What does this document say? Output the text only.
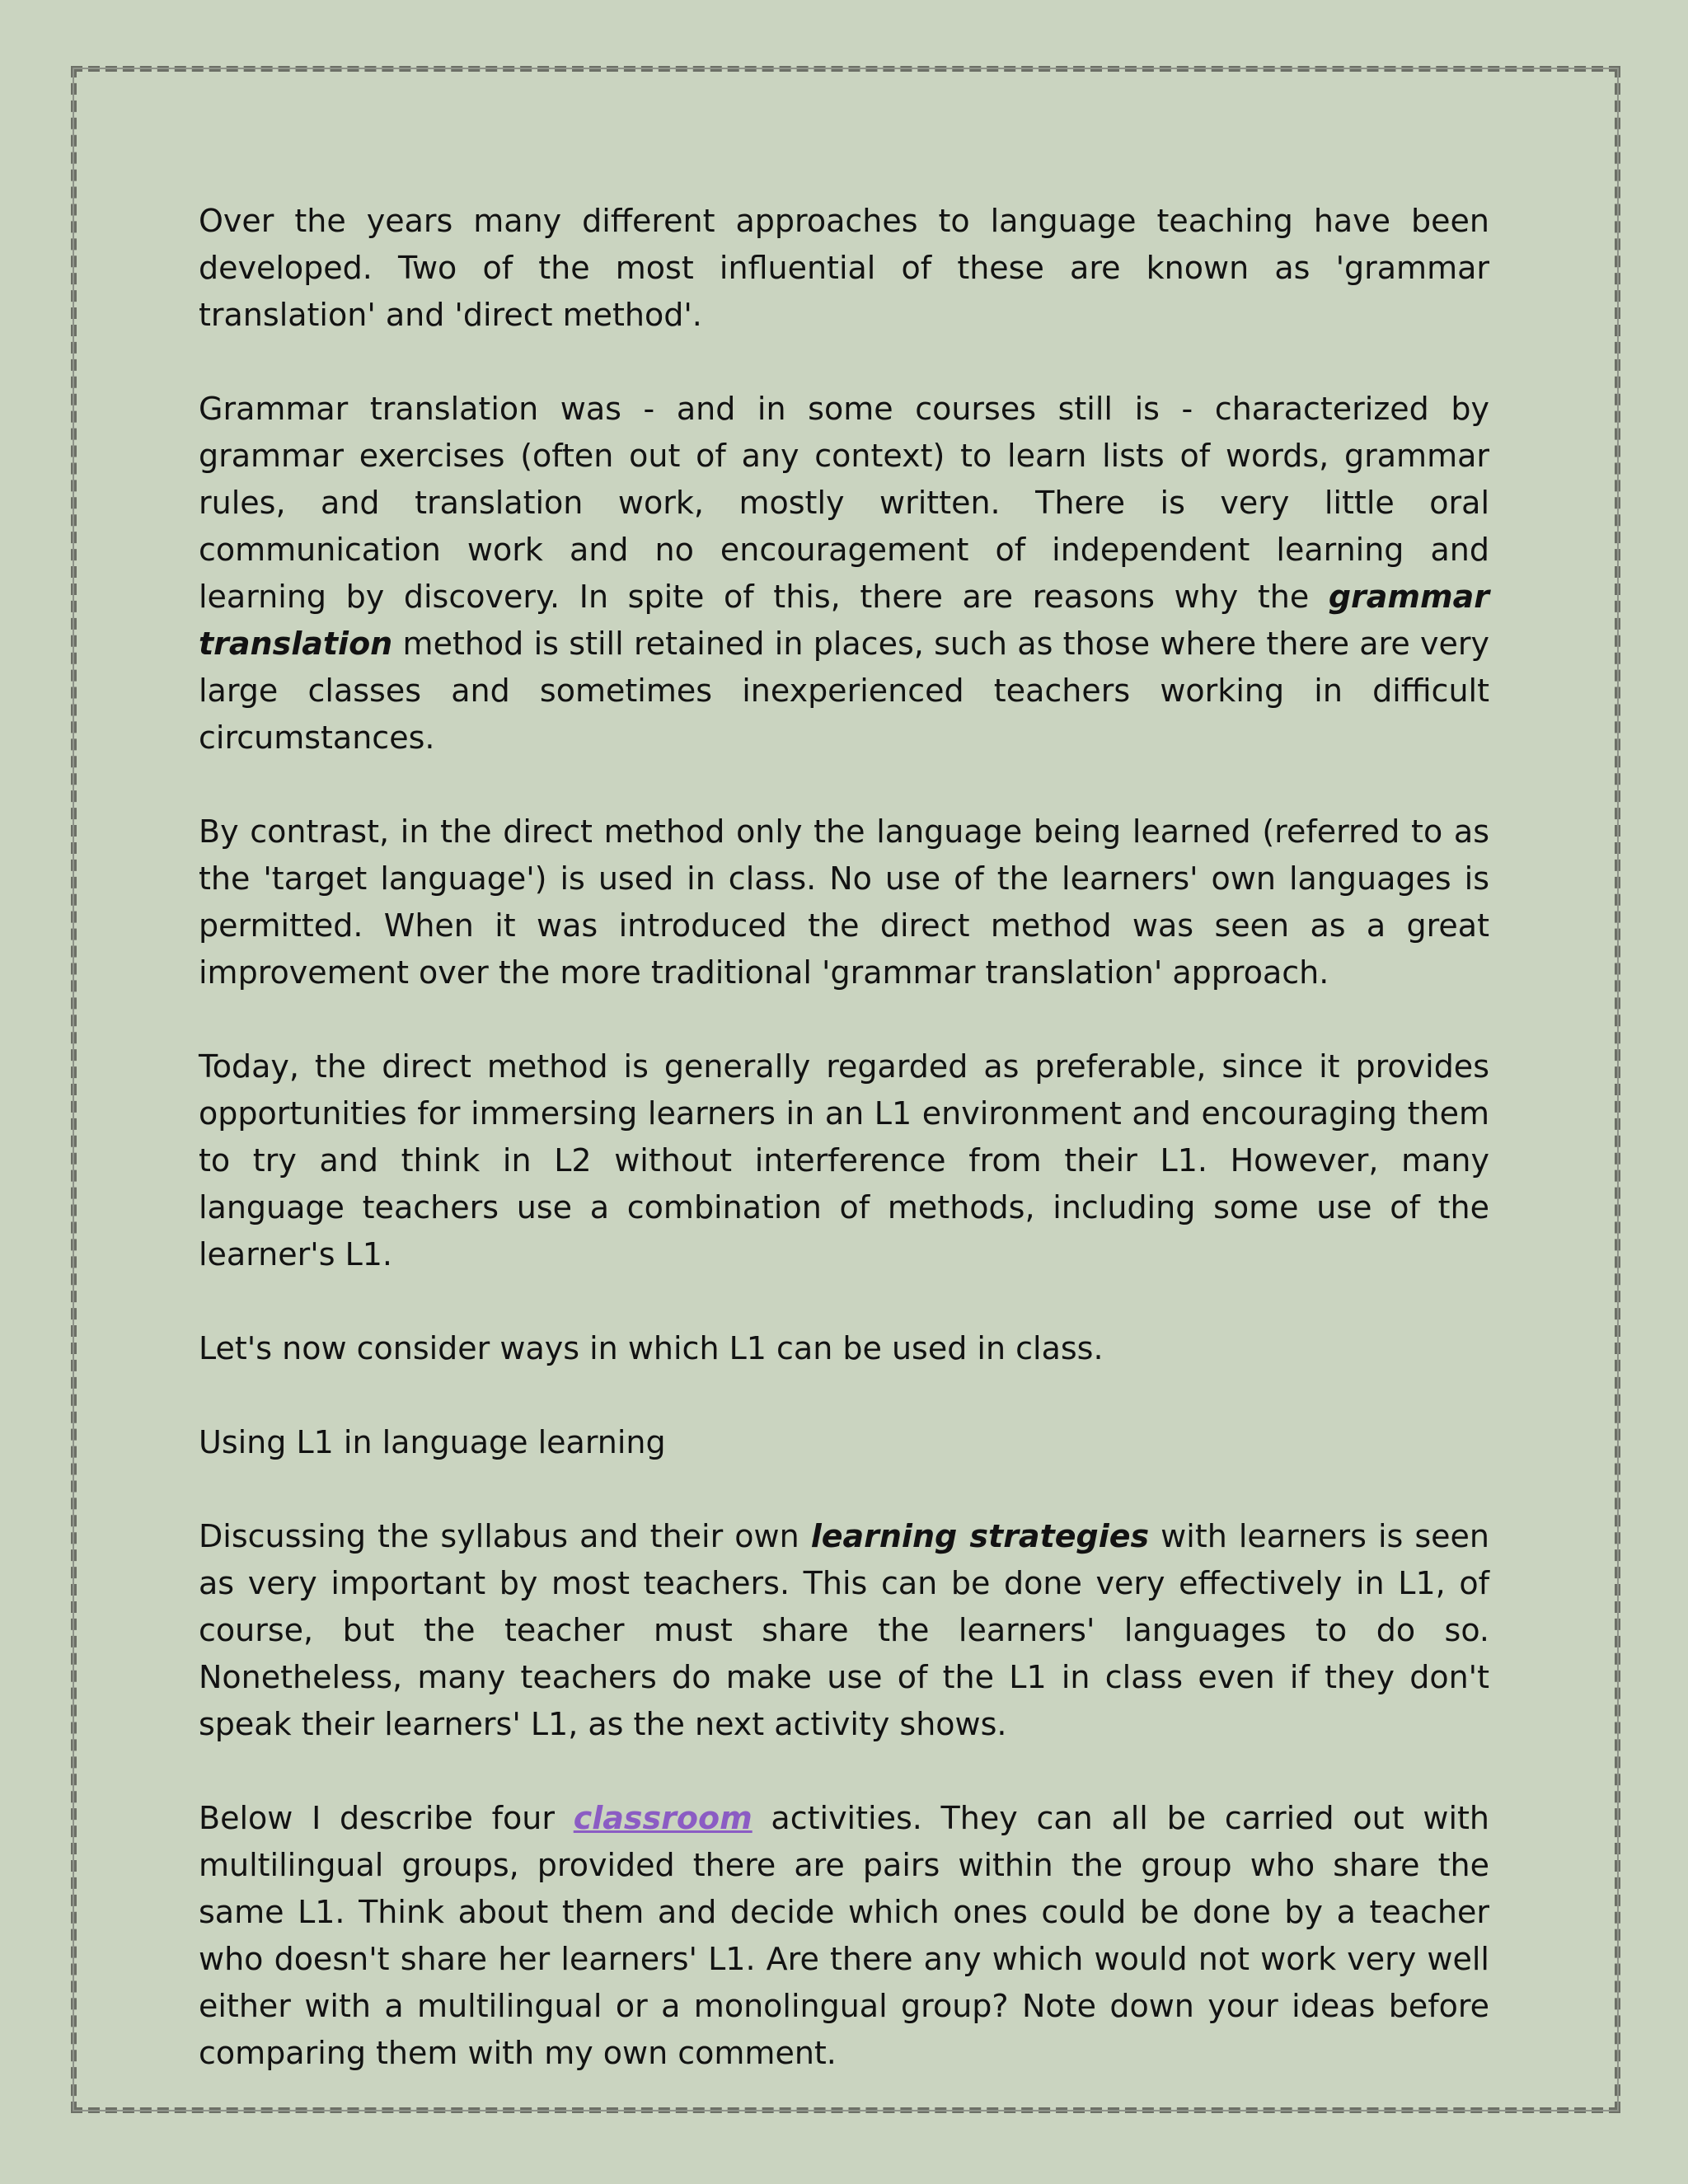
Over the years many different approaches to language teaching have been developed. Two of the most influential of these are known as 'grammar translation' and 'direct method'.

Grammar translation was - and in some courses still is - characterized by grammar exercises (often out of any context) to learn lists of words, grammar rules, and translation work, mostly written. There is very little oral communication work and no encouragement of independent learning and learning by discovery. In spite of this, there are reasons why the grammar translation method is still retained in places, such as those where there are very large classes and sometimes inexperienced teachers working in difficult circumstances.

By contrast, in the direct method only the language being learned (referred to as the 'target language') is used in class. No use of the learners' own languages is permitted. When it was introduced the direct method was seen as a great improvement over the more traditional 'grammar translation' approach.

Today, the direct method is generally regarded as preferable, since it provides opportunities for immersing learners in an L1 environment and encouraging them to try and think in L2 without interference from their L1. However, many language teachers use a combination of methods, including some use of the learner's L1.

Let's now consider ways in which L1 can be used in class.

Using L1 in language learning

Discussing the syllabus and their own learning strategies with learners is seen as very important by most teachers. This can be done very effectively in L1, of course, but the teacher must share the learners' languages to do so. Nonetheless, many teachers do make use of the L1 in class even if they don't speak their learners' L1, as the next activity shows.

Below I describe four classroom activities. They can all be carried out with multilingual groups, provided there are pairs within the group who share the same L1. Think about them and decide which ones could be done by a teacher who doesn't share her learners' L1. Are there any which would not work very well either with a multilingual or a monolingual group? Note down your ideas before comparing them with my own comment.
